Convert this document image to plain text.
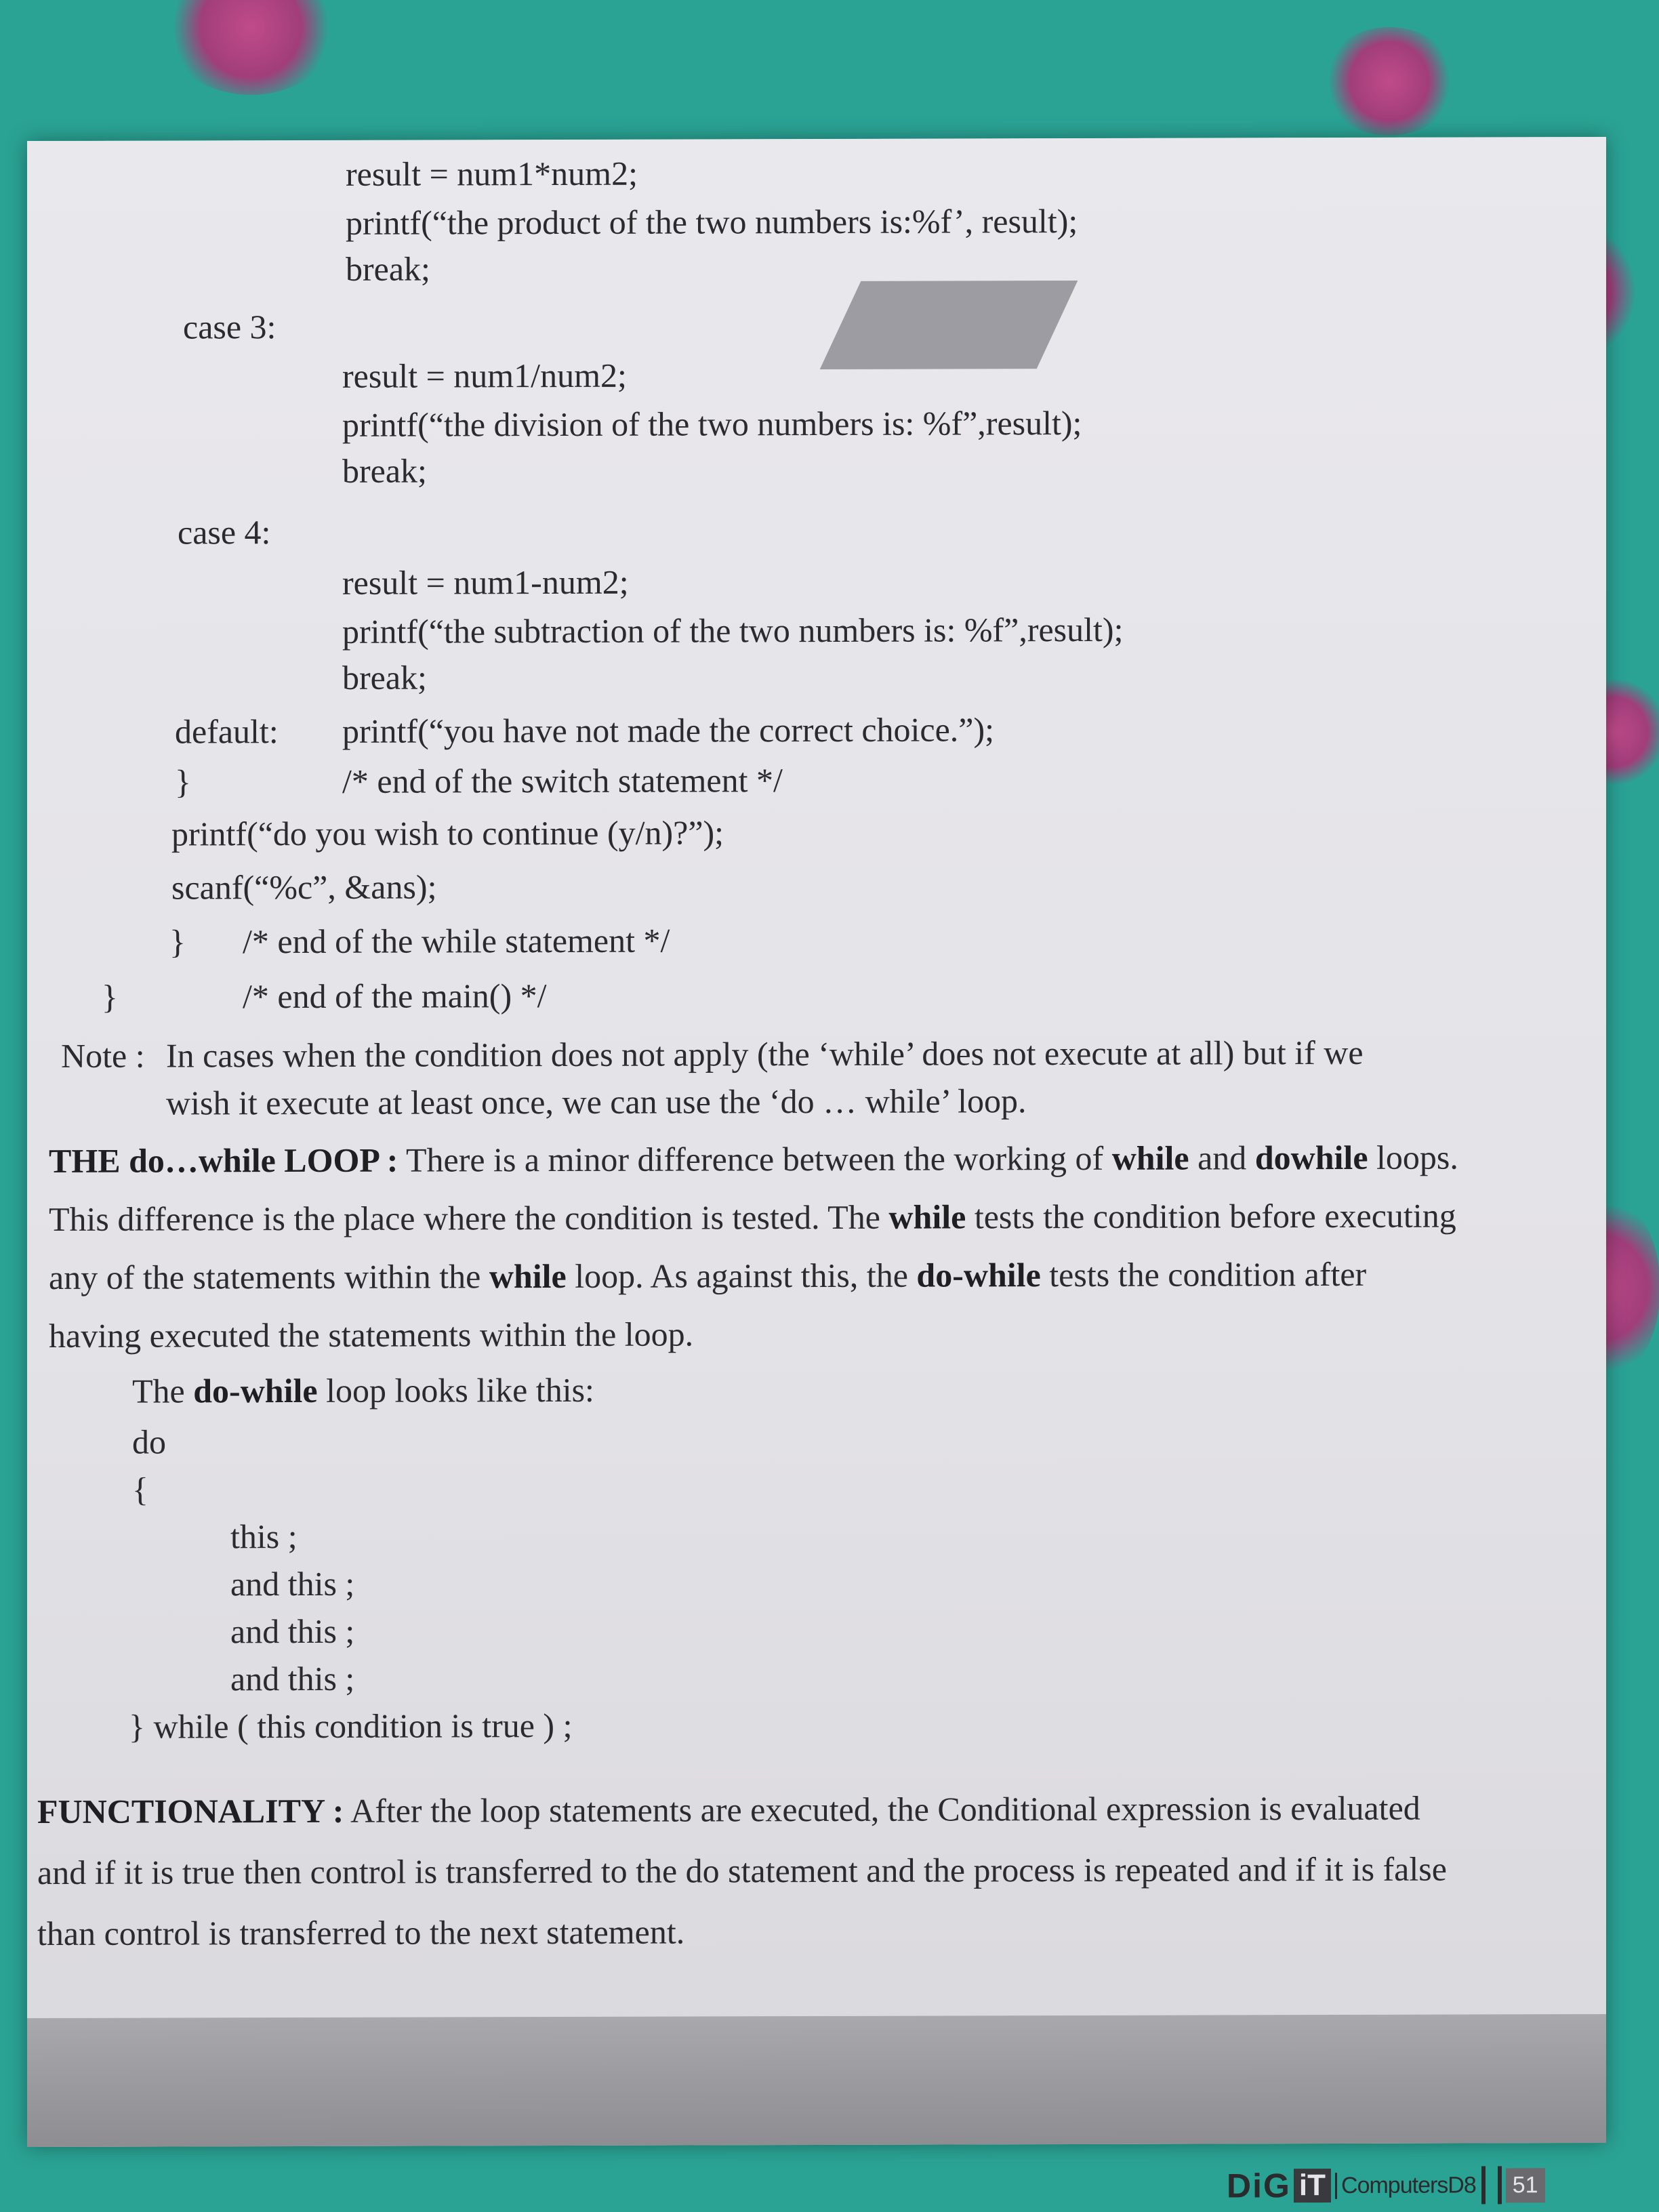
result = num1*num2;
printf(“the product of the two numbers is:%f’, result);
break;
case 3:
result = num1/num2;
printf(“the division of the two numbers is: %f”,result);
break;
case 4:
result = num1-num2;
printf(“the subtraction of the two numbers is: %f”,result);
break;
default: printf(“you have not made the correct choice.”);
}	/* end of the switch statement */
printf(“do you wish to continue (y/n)?”);
scanf(“%c”, &ans);
} /* end of the while statement */
}	/* end of the main() */
Note : In cases when the condition does not apply (the ‘while’ does not execute at all) but if we
wish it execute at least once, we can use the ‘do … while’ loop.
THE do…while LOOP : There is a minor difference between the working of while and dowhile loops. This difference is the place where the condition is tested. The while tests the condition before executing any of the statements within the while loop. As against this, the do-while tests the condition after having executed the statements within the loop.
The do-while loop looks like this:
do
{
this ;
and this ;
and this ;
and this ;
} while ( this condition is true ) ;
FUNCTIONALITY : After the loop statements are executed, the Conditional expression is evaluated and if it is true then control is transferred to the do statement and the process is repeated and if it is false than control is transferred to the next statement.
DiG iT ComputersD8 51
